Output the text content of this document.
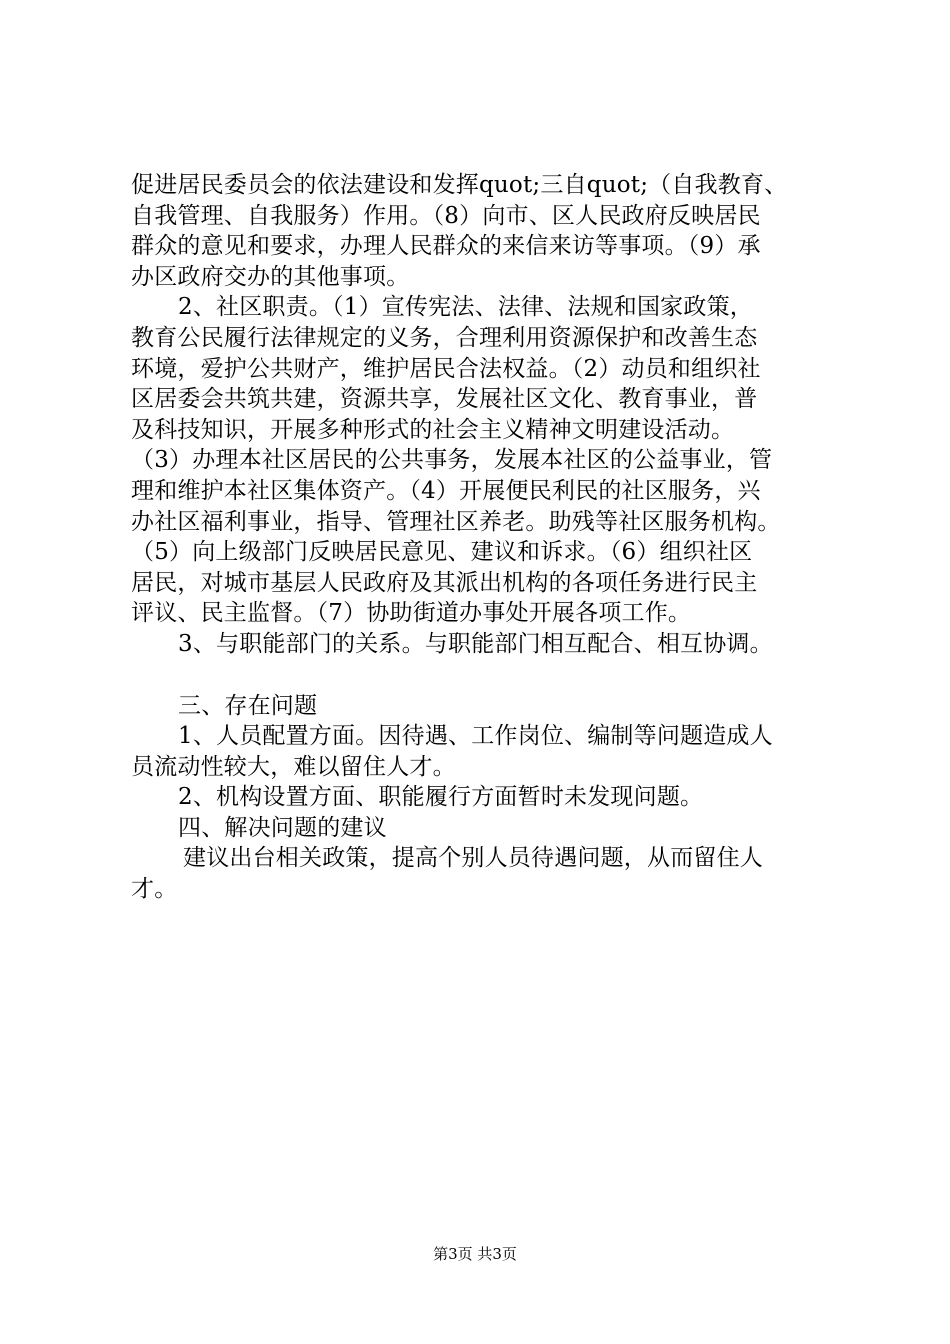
促进居民委员会的依法建设和发挥quot;三自quot;（自我教育、
自我管理、自我服务）作用。（8）向市、区人民政府反映居民
群众的意见和要求，办理人民群众的来信来访等事项。（9）承
办区政府交办的其他事项。
2、社区职责。（1）宣传宪法、法律、法规和国家政策，
教育公民履行法律规定的义务，合理利用资源保护和改善生态
环境，爱护公共财产，维护居民合法权益。（2）动员和组织社
区居委会共筑共建，资源共享，发展社区文化、教育事业，普
及科技知识，开展多种形式的社会主义精神文明建设活动。
（3）办理本社区居民的公共事务，发展本社区的公益事业，管
理和维护本社区集体资产。（4）开展便民利民的社区服务，兴
办社区福利事业，指导、管理社区养老。助残等社区服务机构。
（5）向上级部门反映居民意见、建议和诉求。（6）组织社区
居民，对城市基层人民政府及其派出机构的各项任务进行民主
评议、民主监督。（7）协助街道办事处开展各项工作。
3、与职能部门的关系。与职能部门相互配合、相互协调。
三、存在问题
1、人员配置方面。因待遇、工作岗位、编制等问题造成人
员流动性较大，难以留住人才。
2、机构设置方面、职能履行方面暂时未发现问题。
四、解决问题的建议
建议出台相关政策，提高个别人员待遇问题，从而留住人
才。
第3页 共3页
